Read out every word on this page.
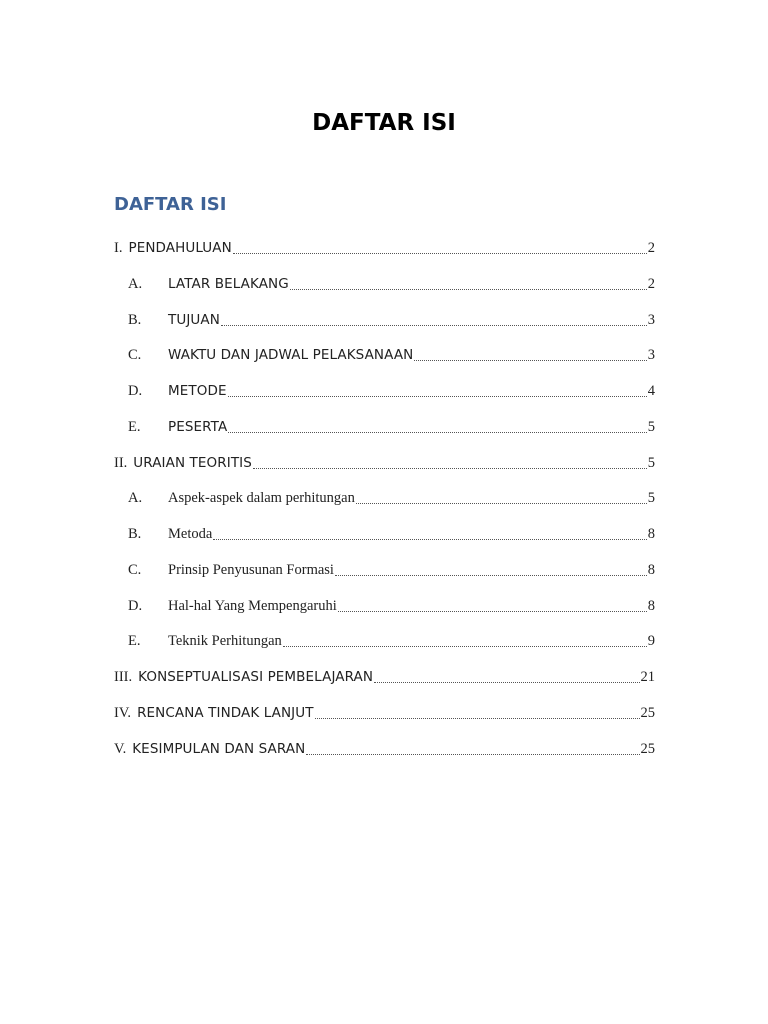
DAFTAR ISI
DAFTAR ISI
I. PENDAHULUAN	2
A.	LATAR BELAKANG	2
B.	TUJUAN	3
C.	WAKTU DAN JADWAL PELAKSANAAN	3
D.	METODE	4
E.	PESERTA	5
II. URAIAN TEORITIS	5
A.	Aspek-aspek dalam perhitungan	5
B.	Metoda	8
C.	Prinsip Penyusunan Formasi	8
D.	Hal-hal Yang Mempengaruhi	8
E.	Teknik Perhitungan	9
III. KONSEPTUALISASI PEMBELAJARAN	21
IV. RENCANA TINDAK LANJUT	25
V. KESIMPULAN DAN SARAN	25
